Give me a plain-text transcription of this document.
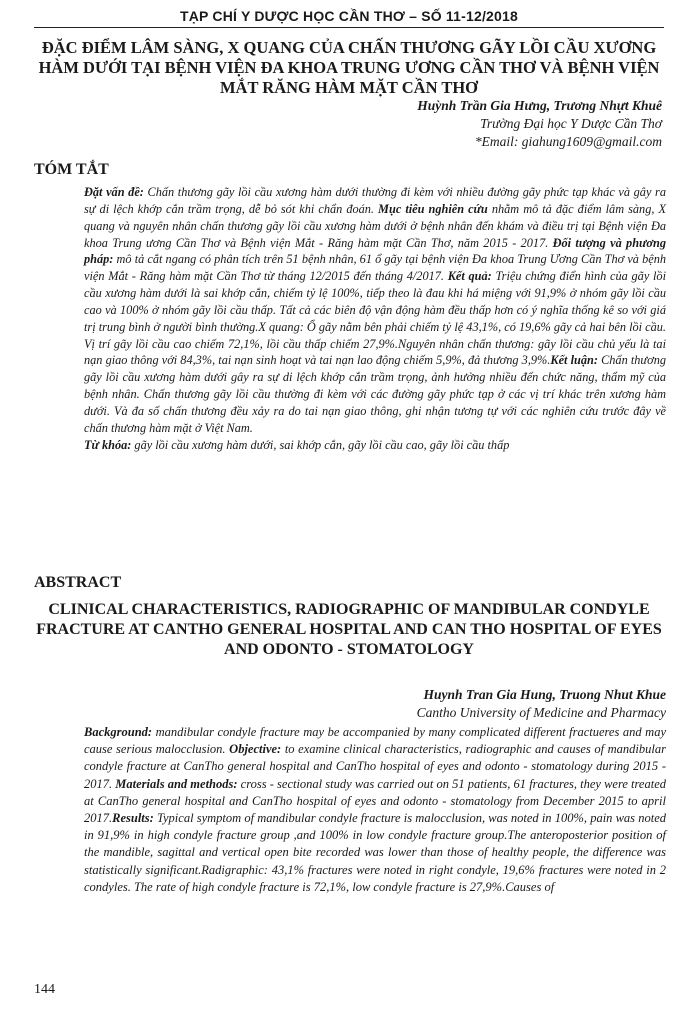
TẠP CHÍ Y DƯỢC HỌC CẦN THƠ – SỐ 11-12/2018
ĐẶC ĐIỂM LÂM SÀNG, X QUANG CỦA CHẤN THƯƠNG GÃY LỒI CẦU XƯƠNG HÀM DƯỚI TẠI BỆNH VIỆN ĐA KHOA TRUNG ƯƠNG CẦN THƠ VÀ BỆNH VIỆN MẮT RĂNG HÀM MẶT CẦN THƠ
Huỳnh Trần Gia Hưng, Trương Nhựt Khuê
Trường Đại học Y Dược Cần Thơ
*Email: giahung1609@gmail.com
TÓM TẮT
Đặt vấn đề: Chấn thương gãy lồi cầu xương hàm dưới thường đi kèm với nhiều đường gãy phức tạp khác và gây ra sự di lệch khớp cắn trầm trọng, dễ bỏ sót khi chẩn đoán. Mục tiêu nghiên cứu nhằm mô tả đặc điểm lâm sàng, X quang và nguyên nhân chấn thương gãy lồi cầu xương hàm dưới ở bệnh nhân đến khám và điều trị tại Bệnh viện Đa khoa Trung ương Cần Thơ và Bệnh viện Mắt - Răng hàm mặt Cần Thơ, năm 2015 - 2017. Đối tượng và phương pháp: mô tả cắt ngang có phân tích trên 51 bệnh nhân, 61 ổ gãy tại bệnh viện Đa khoa Trung Ương Cần Thơ và bệnh viện Mắt - Răng hàm mặt Cần Thơ từ tháng 12/2015 đến tháng 4/2017. Kết quả: Triệu chứng điển hình của gãy lồi cầu xương hàm dưới là sai khớp cắn, chiếm tỷ lệ 100%, tiếp theo là đau khi há miệng với 91,9% ở nhóm gãy lồi cầu cao và 100% ở nhóm gãy lồi cầu thấp. Tất cả các biên độ vận động hàm đều thấp hơn có ý nghĩa thống kê so với giá trị trung bình ở người bình thường.X quang: Ổ gãy nằm bên phải chiếm tỷ lệ 43,1%, có 19,6% gãy cả hai bên lồi cầu. Vị trí gãy lồi cầu cao chiếm 72,1%, lồi cầu thấp chiếm 27,9%.Nguyên nhân chấn thương: gãy lồi cầu chủ yếu là tai nạn giao thông với 84,3%, tai nạn sinh hoạt và tai nạn lao động chiếm 5,9%, đả thương 3,9%.Kết luận: Chấn thương gãy lồi cầu xương hàm dưới gây ra sự di lệch khớp cắn trầm trọng, ảnh hưởng nhiều đến chức năng, thẩm mỹ của bệnh nhân. Chấn thương gãy lồi cầu thường đi kèm với các đường gãy phức tạp ở các vị trí khác trên xương hàm dưới. Và đa số chấn thương đều xảy ra do tai nạn giao thông, ghi nhận tương tự với các nghiên cứu trước đây về chấn thương hàm mặt ở Việt Nam.
Từ khóa: gãy lồi cầu xương hàm dưới, sai khớp cắn, gãy lồi cầu cao, gãy lồi cầu thấp
ABSTRACT
CLINICAL CHARACTERISTICS, RADIOGRAPHIC OF MANDIBULAR CONDYLE FRACTURE AT CANTHO GENERAL HOSPITAL AND CAN THO HOSPITAL OF EYES AND ODONTO - STOMATOLOGY
Huynh Tran Gia Hung, Truong Nhut Khue
Cantho University of Medicine and Pharmacy
Background: mandibular condyle fracture may be accompanied by many complicated different fractueres and may cause serious malocclusion. Objective: to examine clinical characteristics, radiographic and causes of mandibular condyle fracture at CanTho general hospital and CanTho hospital of eyes and odonto - stomatology during 2015 - 2017. Materials and methods: cross - sectional study was carried out on 51 patients, 61 fractures, they were treated at CanTho general hospital and CanTho hospital of eyes and odonto - stomatology from December 2015 to april 2017.Results: Typical symptom of mandibular condyle fracture is malocclusion, was noted in 100%, pain was noted in 91,9% in high condyle fracture group ,and 100% in low condyle fracture group.The anteroposterior position of the mandible, sagittal and vertical open bite recorded was lower than those of healthy people, the difference was statistically significant.Radigraphic: 43,1% fractures were noted in right condyle, 19,6% fractures were noted in 2 condyles. The rate of high condyle fracture is 72,1%, low condyle fracture is 27,9%.Causes of
144
